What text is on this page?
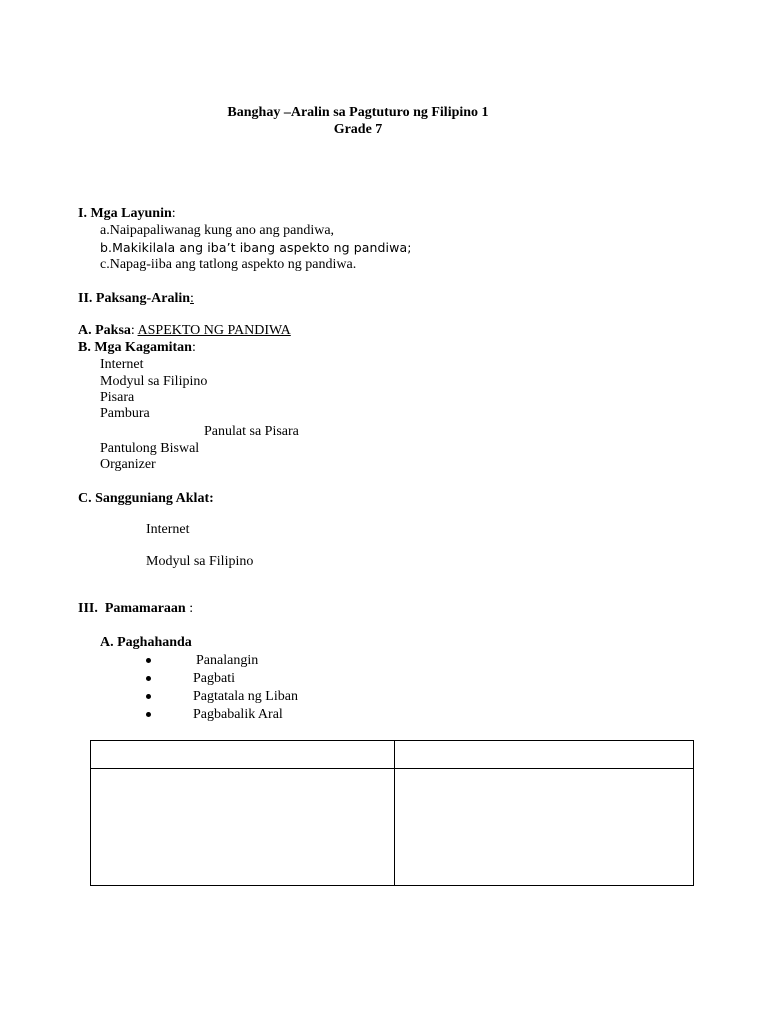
Banghay –Aralin sa Pagtuturo ng Filipino 1
Grade 7
I. Mga Layunin:
a.Naipapaliwanag kung ano ang pandiwa,
b.Makikilala ang iba’t ibang aspekto ng pandiwa;
c.Napag-iiba ang tatlong aspekto ng pandiwa.
II. Paksang-Aralin:
A. Paksa: ASPEKTO NG PANDIWA
B. Mga Kagamitan:
Internet
Modyul sa Filipino
Pisara
Pambura
Panulat sa Pisara
Pantulong Biswal
Organizer
C. Sangguniang Aklat:
Internet
Modyul sa Filipino
III.  Pamamaraan :
A. Paghahanda
Panalangin
Pagbati
Pagtatala ng Liban
Pagbabalik Aral
